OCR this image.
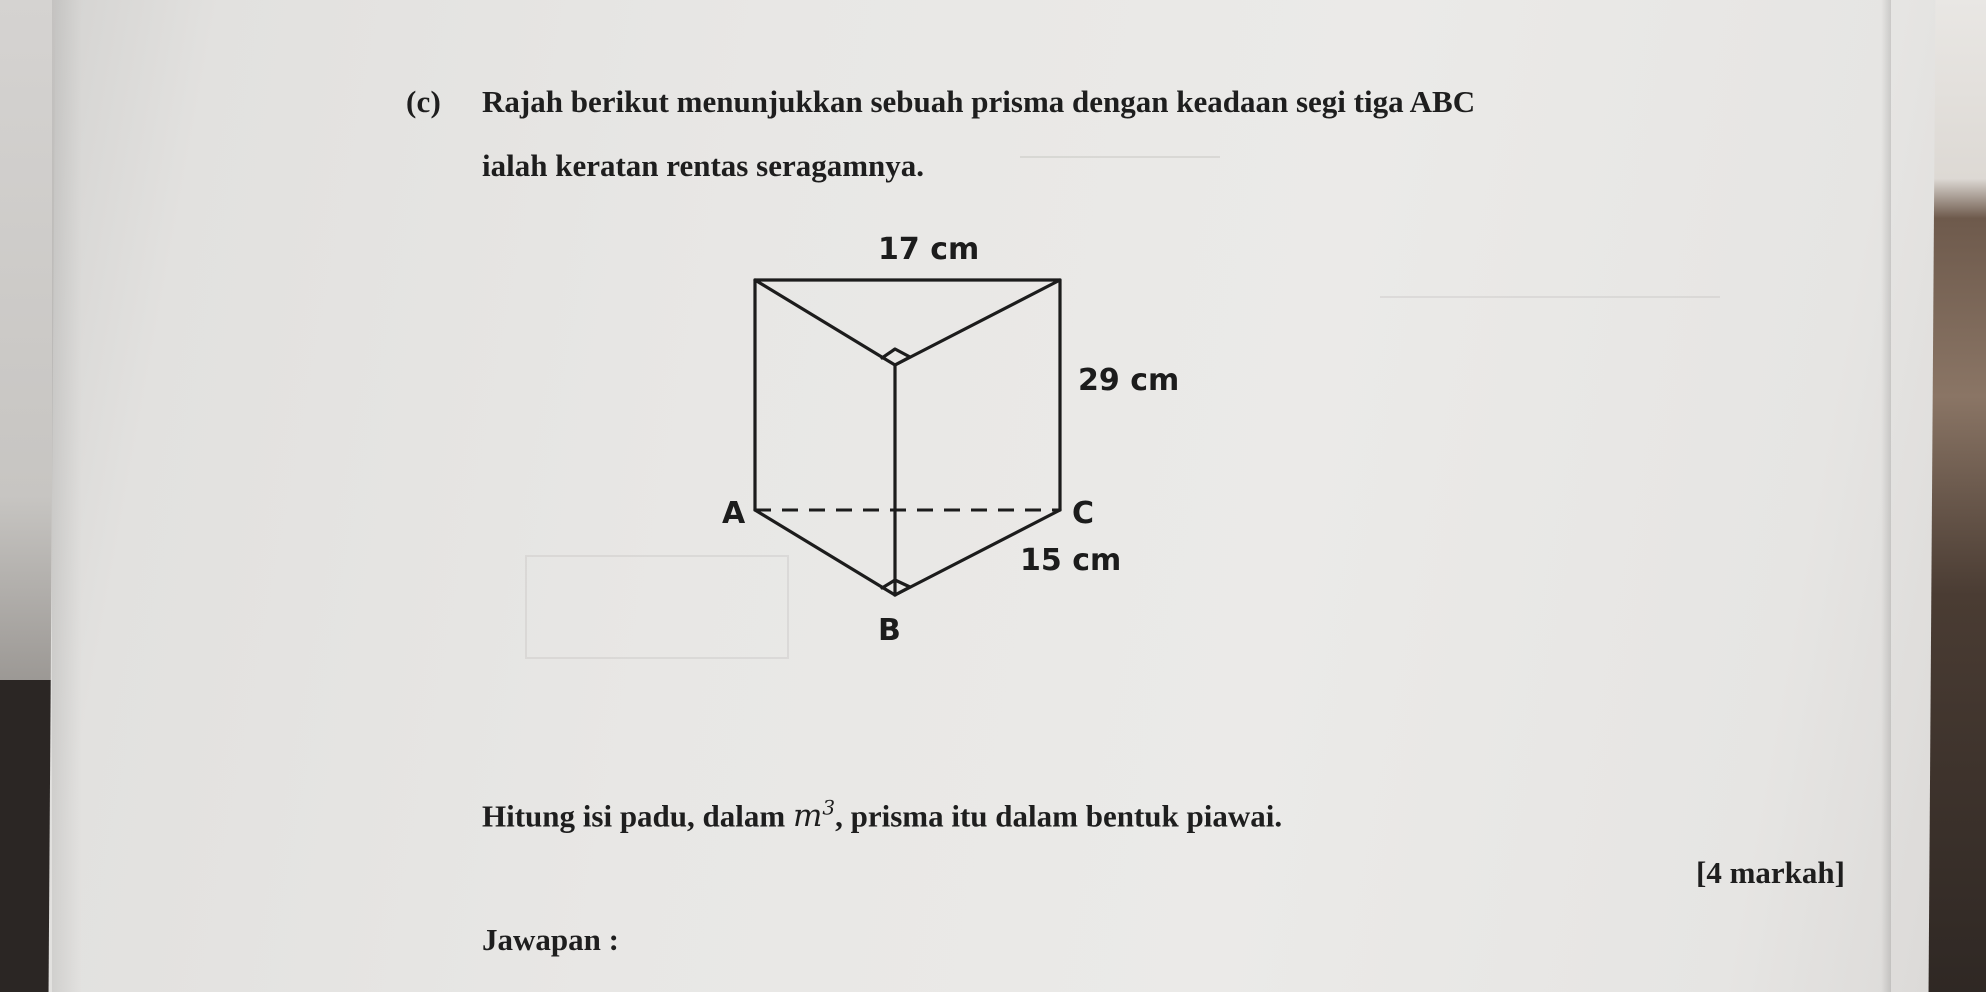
(c) Rajah berikut menunjukkan sebuah prisma dengan keadaan segi tiga ABC
ialah keratan rentas seragamnya.
17 cm
29 cm
15 cm
A	C
B
Hitung isi padu, dalam $m^3$, prisma itu dalam bentuk piawai.
[4 markah]
Jawapan :
